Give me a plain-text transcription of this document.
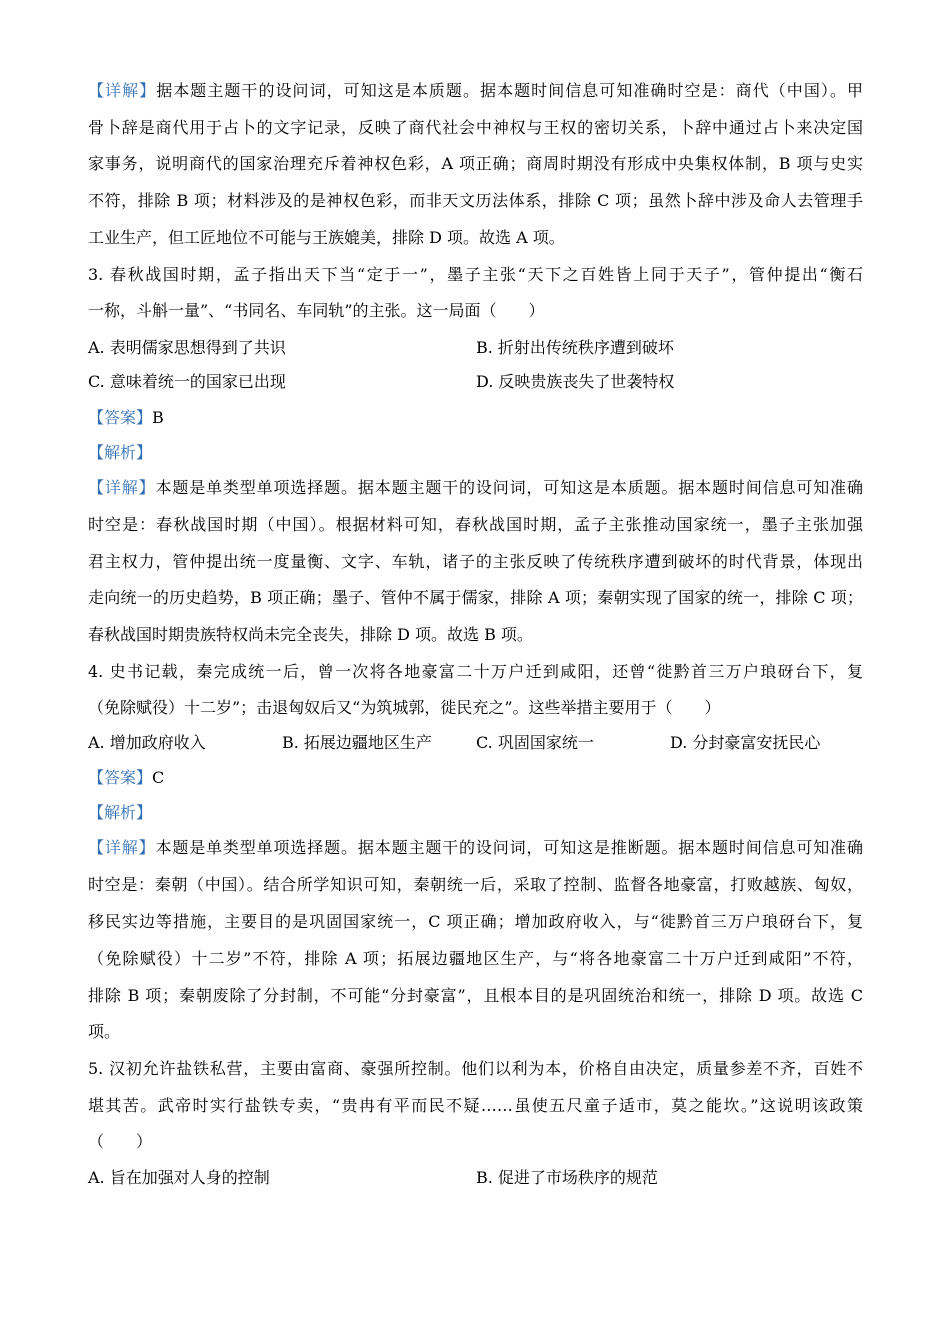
【详解】据本题主题干的设问词，可知这是本质题。据本题时间信息可知准确时空是：商代（中国）。甲
骨卜辞是商代用于占卜的文字记录，反映了商代社会中神权与王权的密切关系，卜辞中通过占卜来决定国
家事务，说明商代的国家治理充斥着神权色彩，A 项正确；商周时期没有形成中央集权体制，B 项与史实
不符，排除 B 项；材料涉及的是神权色彩，而非天文历法体系，排除 C 项；虽然卜辞中涉及命人去管理手
工业生产，但工匠地位不可能与王族媲美，排除 D 项。故选 A 项。
3. 春秋战国时期，孟子指出天下当“定于一”，墨子主张“天下之百姓皆上同于天子”，管仲提出“衡石
一称，斗斛一量”、“书同名、车同轨”的主张。这一局面（　　）
A. 表明儒家思想得到了共识	B. 折射出传统秩序遭到破坏
C. 意味着统一的国家已出现	D. 反映贵族丧失了世袭特权
【答案】B
【解析】
【详解】本题是单类型单项选择题。据本题主题干的设问词，可知这是本质题。据本题时间信息可知准确
时空是：春秋战国时期（中国）。根据材料可知，春秋战国时期，孟子主张推动国家统一，墨子主张加强
君主权力，管仲提出统一度量衡、文字、车轨，诸子的主张反映了传统秩序遭到破坏的时代背景，体现出
走向统一的历史趋势，B 项正确；墨子、管仲不属于儒家，排除 A 项；秦朝实现了国家的统一，排除 C 项；
春秋战国时期贵族特权尚未完全丧失，排除 D 项。故选 B 项。
4. 史书记载，秦完成统一后，曾一次将各地豪富二十万户迁到咸阳，还曾“徙黔首三万户琅砑台下，复
（免除赋役）十二岁”；击退匈奴后又“为筑城郭，徙民充之”。这些举措主要用于（　　）
A. 增加政府收入	B. 拓展边疆地区生产	C. 巩固国家统一	D. 分封豪富安抚民心
【答案】C
【解析】
【详解】本题是单类型单项选择题。据本题主题干的设问词，可知这是推断题。据本题时间信息可知准确
时空是：秦朝（中国）。结合所学知识可知，秦朝统一后，采取了控制、监督各地豪富，打败越族、匈奴，
移民实边等措施，主要目的是巩固国家统一，C 项正确；增加政府收入，与“徙黔首三万户琅砑台下，复
（免除赋役）十二岁”不符，排除 A 项；拓展边疆地区生产，与“将各地豪富二十万户迁到咸阳”不符，
排除 B 项；秦朝废除了分封制，不可能“分封豪富”，且根本目的是巩固统治和统一，排除 D 项。故选 C
项。
5. 汉初允许盐铁私营，主要由富商、豪强所控制。他们以利为本，价格自由决定，质量参差不齐，百姓不
堪其苦。武帝时实行盐铁专卖，“贵冉有平而民不疑……虽使五尺童子适市，莫之能坎。”这说明该政策
（　　）
A. 旨在加强对人身的控制	B. 促进了市场秩序的规范
